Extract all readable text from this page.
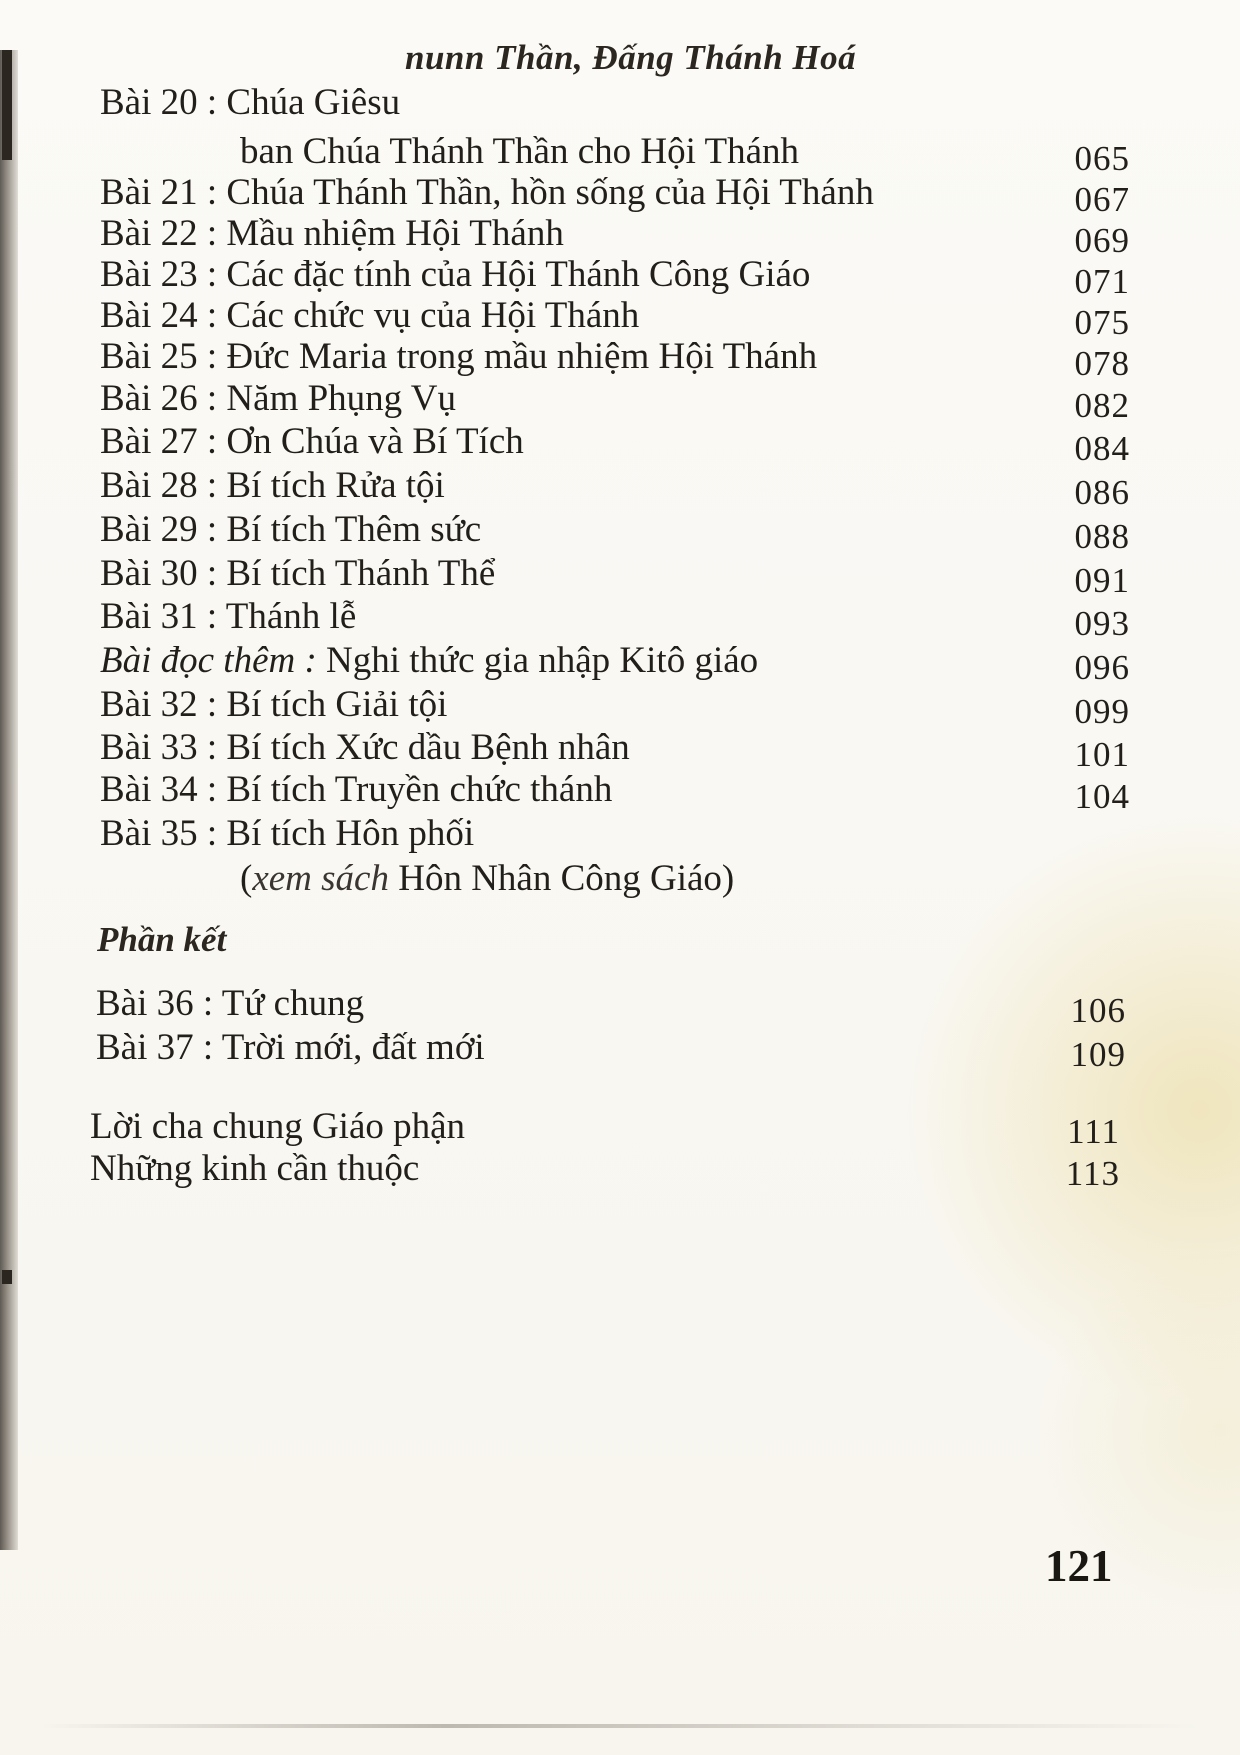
nunn Thần, Đấng Thánh Hoá
Bài 20 : Chúa Giêsu
ban Chúa Thánh Thần cho Hội Thánh	065
Bài 21 : Chúa Thánh Thần, hồn sống của Hội Thánh	067
Bài 22 : Mầu nhiệm Hội Thánh	069
Bài 23 : Các đặc tính của Hội Thánh Công Giáo	071
Bài 24 : Các chức vụ của Hội Thánh	075
Bài 25 : Đức Maria trong mầu nhiệm Hội Thánh	078
Bài 26 : Năm Phụng Vụ	082
Bài 27 : Ơn Chúa và Bí Tích	084
Bài 28 : Bí tích Rửa tội	086
Bài 29 : Bí tích Thêm sức	088
Bài 30 : Bí tích Thánh Thể	091
Bài 31 : Thánh lễ	093
Bài đọc thêm : Nghi thức gia nhập Kitô giáo	096
Bài 32 : Bí tích Giải tội	099
Bài 33 : Bí tích Xức dầu Bệnh nhân	101
Bài 34 : Bí tích Truyền chức thánh	104
Bài 35 : Bí tích Hôn phối
(xem sách Hôn Nhân Công Giáo)
Phần kết
Bài 36 : Tứ chung	106
Bài 37 : Trời mới, đất mới	109
Lời cha chung Giáo phận	111
Những kinh cần thuộc	113
121
